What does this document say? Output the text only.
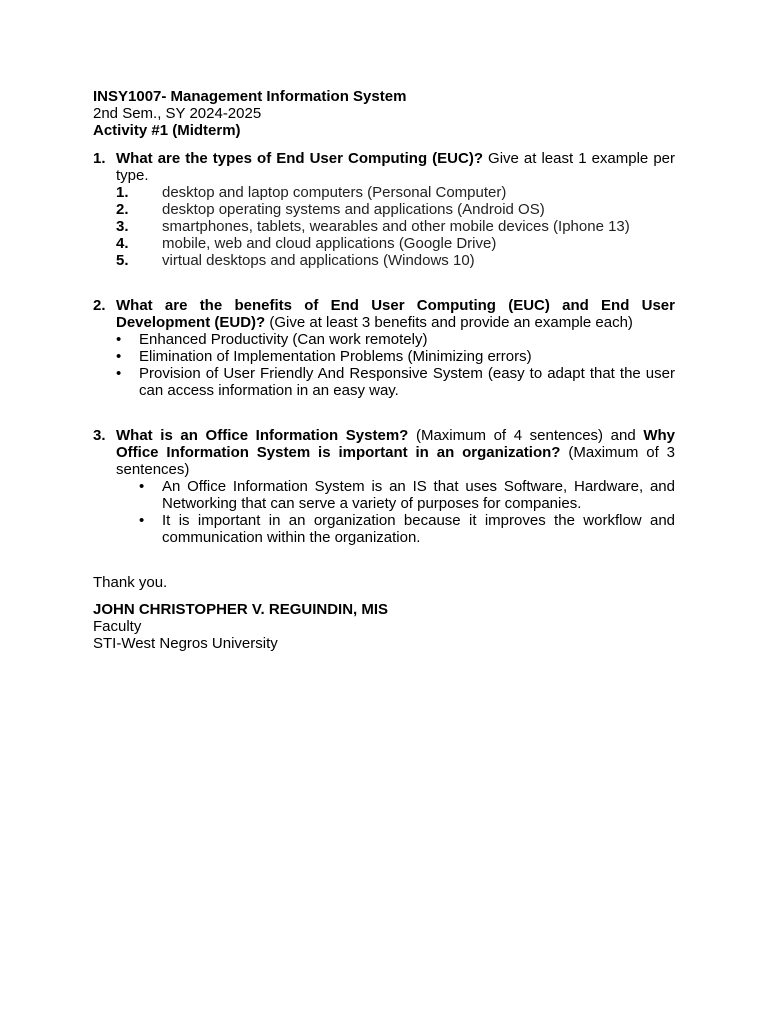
INSY1007- Management Information System
2nd Sem., SY 2024-2025
Activity #1 (Midterm)
1. What are the types of End User Computing (EUC)? Give at least 1 example per type.
1. desktop and laptop computers (Personal Computer)
2. desktop operating systems and applications (Android OS)
3. smartphones, tablets, wearables and other mobile devices (Iphone 13)
4. mobile, web and cloud applications (Google Drive)
5. virtual desktops and applications (Windows 10)
2. What are the benefits of End User Computing (EUC) and End User Development (EUD)? (Give at least 3 benefits and provide an example each)
• Enhanced Productivity (Can work remotely)
• Elimination of Implementation Problems (Minimizing errors)
• Provision of User Friendly And Responsive System (easy to adapt that the user can access information in an easy way.
3. What is an Office Information System? (Maximum of 4 sentences) and Why Office Information System is important in an organization? (Maximum of 3 sentences)
• An Office Information System is an IS that uses Software, Hardware, and Networking that can serve a variety of purposes for companies.
• It is important in an organization because it improves the workflow and communication within the organization.
Thank you.
JOHN CHRISTOPHER V. REGUINDIN, MIS
Faculty
STI-West Negros University
